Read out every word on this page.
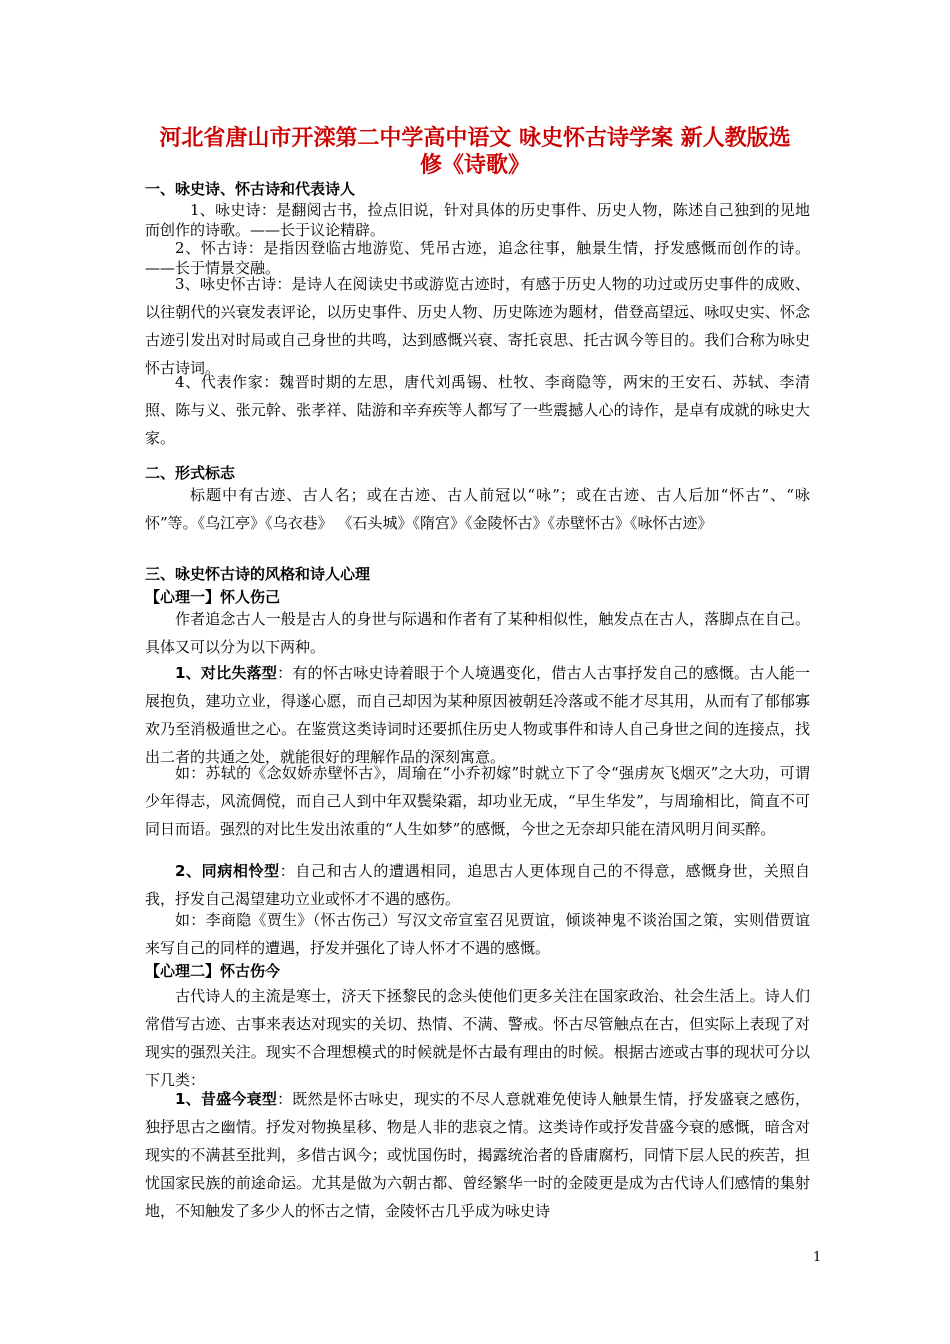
河北省唐山市开滦第二中学高中语文 咏史怀古诗学案 新人教版选
修《诗歌》
一、咏史诗、怀古诗和代表诗人

1、咏史诗：是翻阅古书，捡点旧说，针对具体的历史事件、历史人物，陈述自己独到的见地而创作的诗歌。——长于议论精辟。

2、怀古诗：是指因登临古地游览、凭吊古迹，追念往事，触景生情，抒发感慨而创作的诗。——长于情景交融。

3、咏史怀古诗：是诗人在阅读史书或游览古迹时，有感于历史人物的功过或历史事件的成败、以往朝代的兴衰发表评论，以历史事件、历史人物、历史陈迹为题材，借登高望远、咏叹史实、怀念古迹引发出对时局或自己身世的共鸣，达到感慨兴衰、寄托哀思、托古讽今等目的。我们合称为咏史怀古诗词。

4、代表作家：魏晋时期的左思，唐代刘禹锡、杜牧、李商隐等，两宋的王安石、苏轼、李清照、陈与义、张元幹、张孝祥、陆游和辛弃疾等人都写了一些震撼人心的诗作，是卓有成就的咏史大家。

二、形式标志

标题中有古迹、古人名；或在古迹、古人前冠以“咏”；或在古迹、古人后加“怀古”、“咏怀”等。《乌江亭》《乌衣巷》 《石头城》《隋宫》《金陵怀古》《赤壁怀古》《咏怀古迹》

三、咏史怀古诗的风格和诗人心理
【心理一】怀人伤己

作者追念古人一般是古人的身世与际遇和作者有了某种相似性，触发点在古人，落脚点在自己。具体又可以分为以下两种。

1、对比失落型：有的怀古咏史诗着眼于个人境遇变化，借古人古事抒发自己的感慨。古人能一展抱负，建功立业，得遂心愿，而自己却因为某种原因被朝廷冷落或不能才尽其用，从而有了郁郁寡欢乃至消极遁世之心。在鉴赏这类诗词时还要抓住历史人物或事件和诗人自己身世之间的连接点，找出二者的共通之处，就能很好的理解作品的深刻寓意。

如：苏轼的《念奴娇赤壁怀古》，周瑜在“小乔初嫁”时就立下了令“强虏灰飞烟灭”之大功，可谓少年得志，风流倜傥，而自己人到中年双鬓染霜，却功业无成，“早生华发”，与周瑜相比，简直不可同日而语。强烈的对比生发出浓重的“人生如梦”的感慨，今世之无奈却只能在清风明月间买醉。

2、同病相怜型：自己和古人的遭遇相同，追思古人更体现自己的不得意，感慨身世，关照自我，抒发自己渴望建功立业或怀才不遇的感伤。

如：李商隐《贾生》（怀古伤己）写汉文帝宣室召见贾谊，倾谈神鬼不谈治国之策，实则借贾谊来写自己的同样的遭遇，抒发并强化了诗人怀才不遇的感慨。

【心理二】怀古伤今

古代诗人的主流是寒士，济天下拯黎民的念头使他们更多关注在国家政治、社会生活上。诗人们常借写古迹、古事来表达对现实的关切、热情、不满、警戒。怀古尽管触点在古，但实际上表现了对现实的强烈关注。现实不合理想模式的时候就是怀古最有理由的时候。根据古迹或古事的现状可分以下几类：

1、昔盛今衰型：既然是怀古咏史，现实的不尽人意就难免使诗人触景生情，抒发盛衰之感伤，独抒思古之幽情。抒发对物换星移、物是人非的悲哀之情。这类诗作或抒发昔盛今衰的感慨，暗含对现实的不满甚至批判，多借古讽今；或忧国伤时，揭露统治者的昏庸腐朽，同情下层人民的疾苦，担忧国家民族的前途命运。尤其是做为六朝古都、曾经繁华一时的金陵更是成为古代诗人们感情的集射地，不知触发了多少人的怀古之情，金陵怀古几乎成为咏史诗

1
